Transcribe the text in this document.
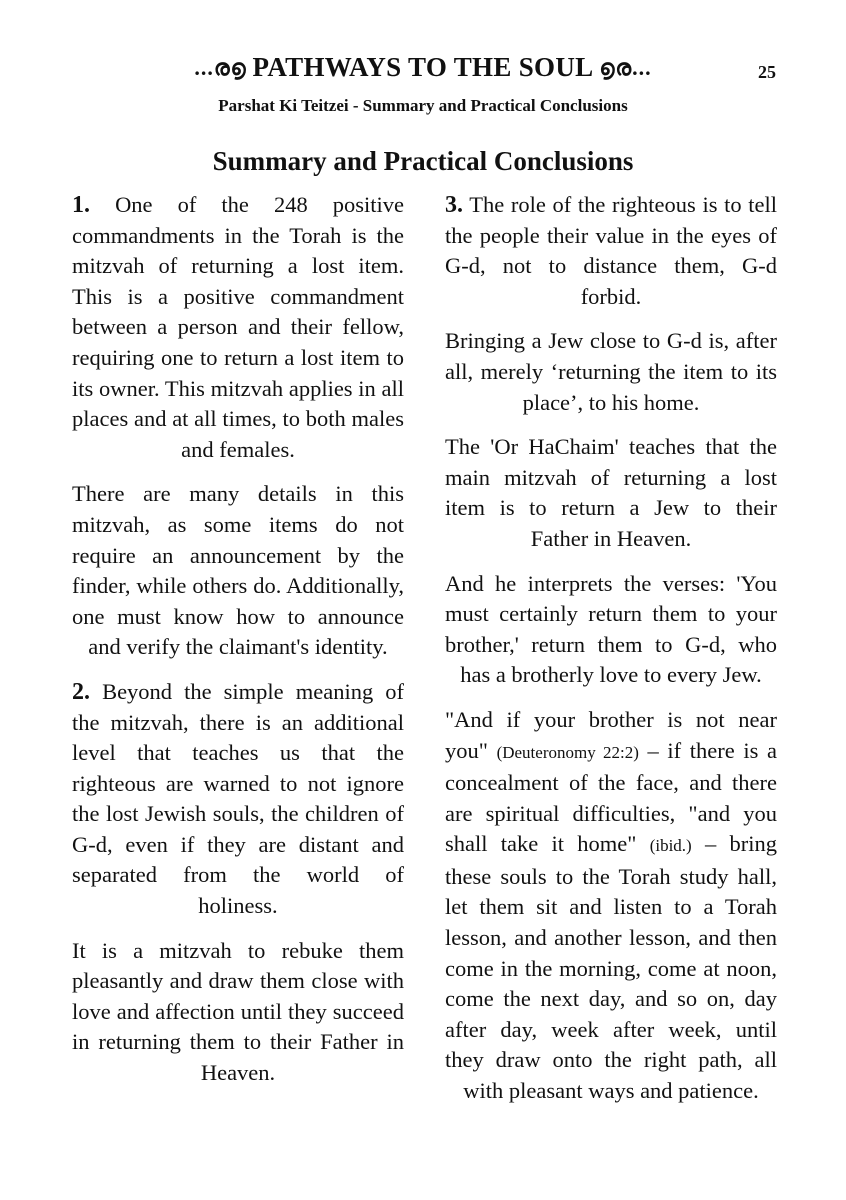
...ര൭ PATHWAYS TO THE SOUL ൭ര...	25
Parshat Ki Teitzei - Summary and Practical Conclusions
Summary and Practical Conclusions

1. One of the 248 positive commandments in the Torah is the mitzvah of returning a lost item. This is a positive commandment between a person and their fellow, requiring one to return a lost item to its owner. This mitzvah applies in all places and at all times, to both males and females.

There are many details in this mitzvah, as some items do not require an announcement by the finder, while others do. Additionally, one must know how to announce and verify the claimant's identity.

2. Beyond the simple meaning of the mitzvah, there is an additional level that teaches us that the righteous are warned to not ignore the lost Jewish souls, the children of G-d, even if they are distant and separated from the world of holiness.

It is a mitzvah to rebuke them pleasantly and draw them close with love and affection until they succeed in returning them to their Father in Heaven.

3. The role of the righteous is to tell the people their value in the eyes of G-d, not to distance them, G-d forbid.

Bringing a Jew close to G-d is, after all, merely ‘returning the item to its place’, to his home.

The 'Or HaChaim' teaches that the main mitzvah of returning a lost item is to return a Jew to their Father in Heaven.

And he interprets the verses: 'You must certainly return them to your brother,' return them to G-d, who has a brotherly love to every Jew.

"And if your brother is not near you" (Deuteronomy 22:2) – if there is a concealment of the face, and there are spiritual difficulties, "and you shall take it home" (ibid.) – bring these souls to the Torah study hall, let them sit and listen to a Torah lesson, and another lesson, and then come in the morning, come at noon, come the next day, and so on, day after day, week after week, until they draw onto the right path, all with pleasant ways and patience.
